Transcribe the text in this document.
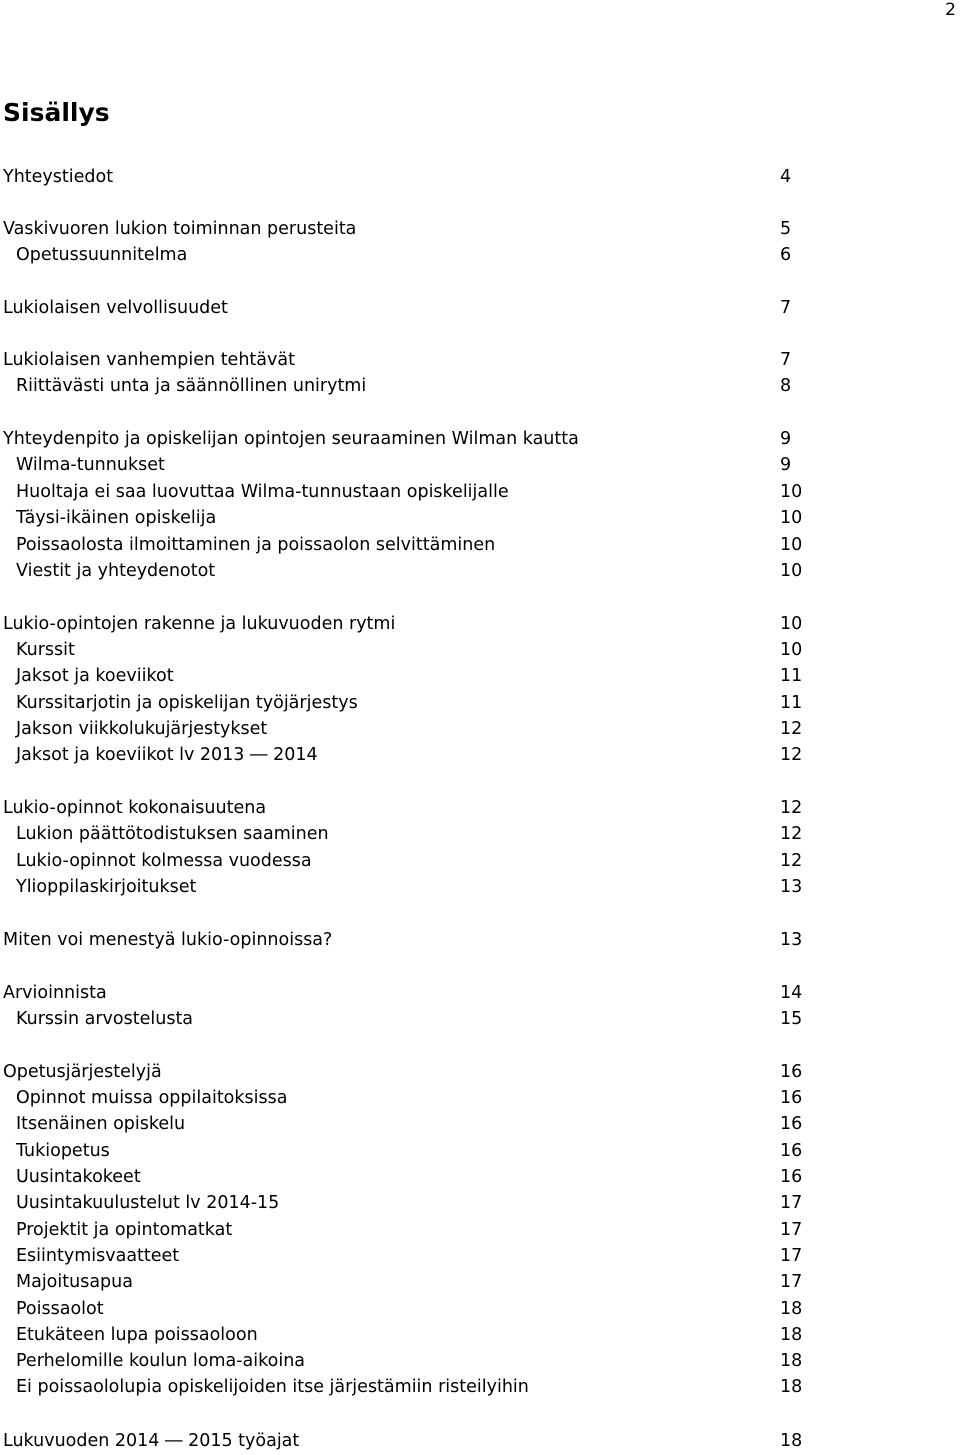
2
Sisällys
Yhteystiedot	4
Vaskivuoren lukion toiminnan perusteita	5
Opetussuunnitelma	6
Lukiolaisen velvollisuudet	7
Lukiolaisen vanhempien tehtävät	7
Riittävästi unta ja säännöllinen unirytmi	8
Yhteydenpito ja opiskelijan opintojen seuraaminen Wilman kautta	9
Wilma-tunnukset	9
Huoltaja ei saa luovuttaa Wilma-tunnustaan opiskelijalle	10
Täysi-ikäinen opiskelija	10
Poissaolosta ilmoittaminen ja poissaolon selvittäminen	10
Viestit ja yhteydenotot	10
Lukio-opintojen rakenne ja lukuvuoden rytmi	10
Kurssit	10
Jaksot ja koeviikot	11
Kurssitarjotin ja opiskelijan työjärjestys	11
Jakson viikkolukujärjestykset	12
Jaksot ja koeviikot lv 2013 ― 2014	12
Lukio-opinnot kokonaisuutena	12
Lukion päättötodistuksen saaminen	12
Lukio-opinnot kolmessa vuodessa	12
Ylioppilaskirjoitukset	13
Miten voi menestyä lukio-opinnoissa?	13
Arvioinnista	14
Kurssin arvostelusta	15
Opetusjärjestelyjä	16
Opinnot muissa oppilaitoksissa	16
Itsenäinen opiskelu	16
Tukiopetus	16
Uusintakokeet	16
Uusintakuulustelut lv 2014-15	17
Projektit ja opintomatkat	17
Esiintymisvaatteet	17
Majoitusapua	17
Poissaolot	18
Etukäteen lupa poissaoloon	18
Perhelomille koulun loma-aikoina	18
Ei poissaololupia opiskelijoiden itse järjestämiin risteilyihin	18
Lukuvuoden 2014 ― 2015 työajat	18
